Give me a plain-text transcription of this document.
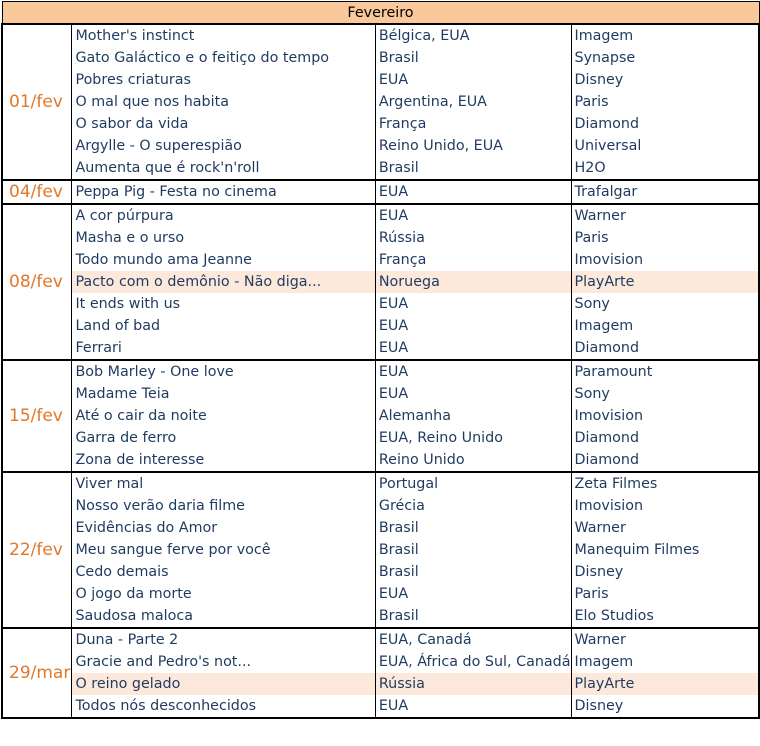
Fevereiro			
01/fev	Mother's instinct	Bélgica, EUA	Imagem
	Gato Galáctico e o feitiço do tempo	Brasil	Synapse
	Pobres criaturas	EUA	Disney
	O mal que nos habita	Argentina, EUA	Paris
	O sabor da vida	França	Diamond
	Argylle - O superespião	Reino Unido, EUA	Universal
	Aumenta que é rock'n'roll	Brasil	H2O
04/fev	Peppa Pig - Festa no cinema	EUA	Trafalgar
08/fev	A cor púrpura	EUA	Warner
	Masha e o urso	Rússia	Paris
	Todo mundo ama Jeanne	França	Imovision
	Pacto com o demônio - Não diga...	Noruega	PlayArte
	It ends with us	EUA	Sony
	Land of bad	EUA	Imagem
	Ferrari	EUA	Diamond
15/fev	Bob Marley - One love	EUA	Paramount
	Madame Teia	EUA	Sony
	Até o cair da noite	Alemanha	Imovision
	Garra de ferro	EUA, Reino Unido	Diamond
	Zona de interesse	Reino Unido	Diamond
22/fev	Viver mal	Portugal	Zeta Filmes
	Nosso verão daria filme	Grécia	Imovision
	Evidências do Amor	Brasil	Warner
	Meu sangue ferve por você	Brasil	Manequim Filmes
	Cedo demais	Brasil	Disney
	O jogo da morte	EUA	Paris
	Saudosa maloca	Brasil	Elo Studios
29/mar	Duna - Parte 2	EUA, Canadá	Warner
	Gracie and Pedro's not...	EUA, África do Sul, Canadá	Imagem
	O reino gelado	Rússia	PlayArte
	Todos nós desconhecidos	EUA	Disney
